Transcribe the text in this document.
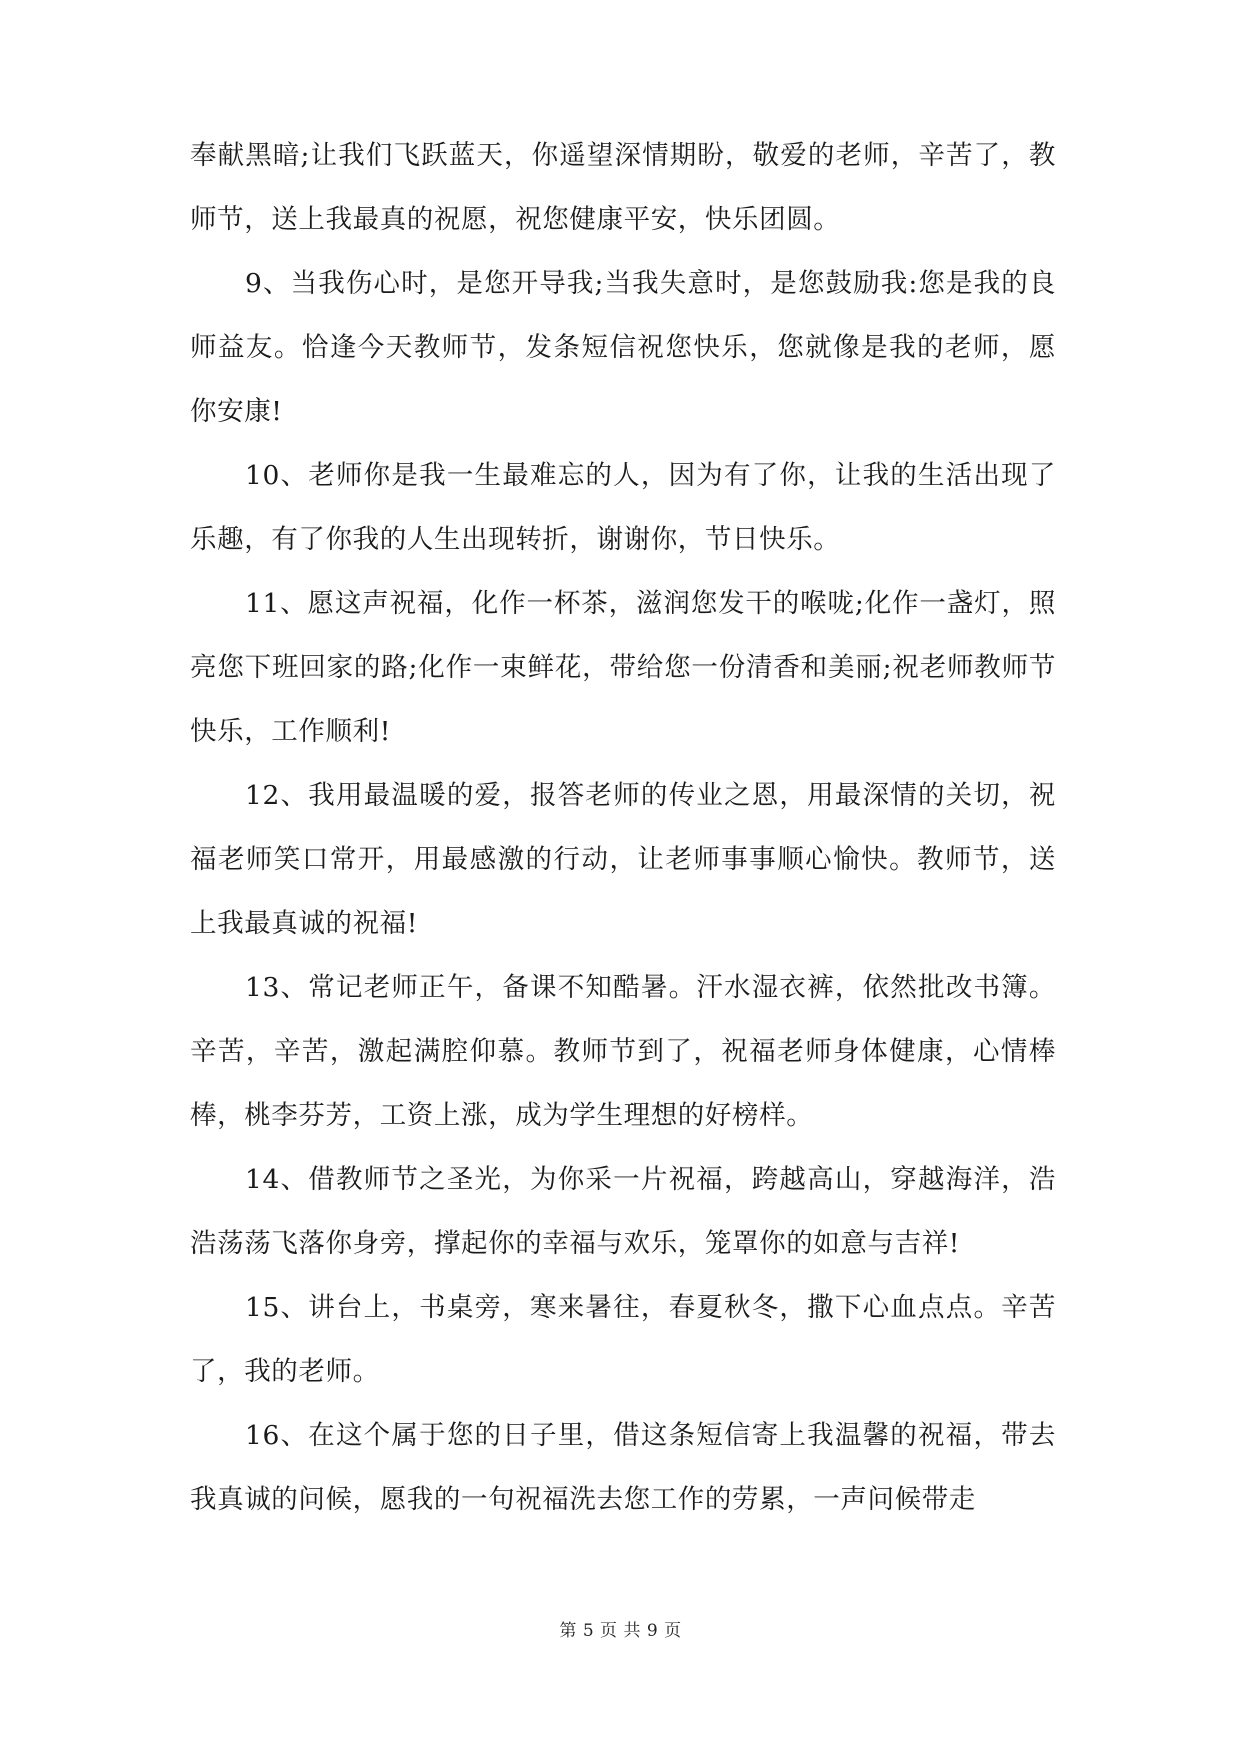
奉献黑暗;让我们飞跃蓝天，你遥望深情期盼，敬爱的老师，辛苦了，教师节，送上我最真的祝愿，祝您健康平安，快乐团圆。

9、当我伤心时，是您开导我;当我失意时，是您鼓励我:您是我的良师益友。恰逢今天教师节，发条短信祝您快乐，您就像是我的老师，愿你安康!

10、老师你是我一生最难忘的人，因为有了你，让我的生活出现了乐趣，有了你我的人生出现转折，谢谢你，节日快乐。

11、愿这声祝福，化作一杯茶，滋润您发干的喉咙;化作一盏灯，照亮您下班回家的路;化作一束鲜花，带给您一份清香和美丽;祝老师教师节快乐，工作顺利!

12、我用最温暖的爱，报答老师的传业之恩，用最深情的关切，祝福老师笑口常开，用最感激的行动，让老师事事顺心愉快。教师节，送上我最真诚的祝福!

13、常记老师正午，备课不知酷暑。汗水湿衣裤，依然批改书簿。辛苦，辛苦，激起满腔仰慕。教师节到了，祝福老师身体健康，心情棒棒，桃李芬芳，工资上涨，成为学生理想的好榜样。

14、借教师节之圣光，为你采一片祝福，跨越高山，穿越海洋，浩浩荡荡飞落你身旁，撑起你的幸福与欢乐，笼罩你的如意与吉祥!

15、讲台上，书桌旁，寒来暑往，春夏秋冬，撒下心血点点。辛苦了，我的老师。

16、在这个属于您的日子里，借这条短信寄上我温馨的祝福，带去我真诚的问候，愿我的一句祝福洗去您工作的劳累，一声问候带走

第 5 页 共 9 页
